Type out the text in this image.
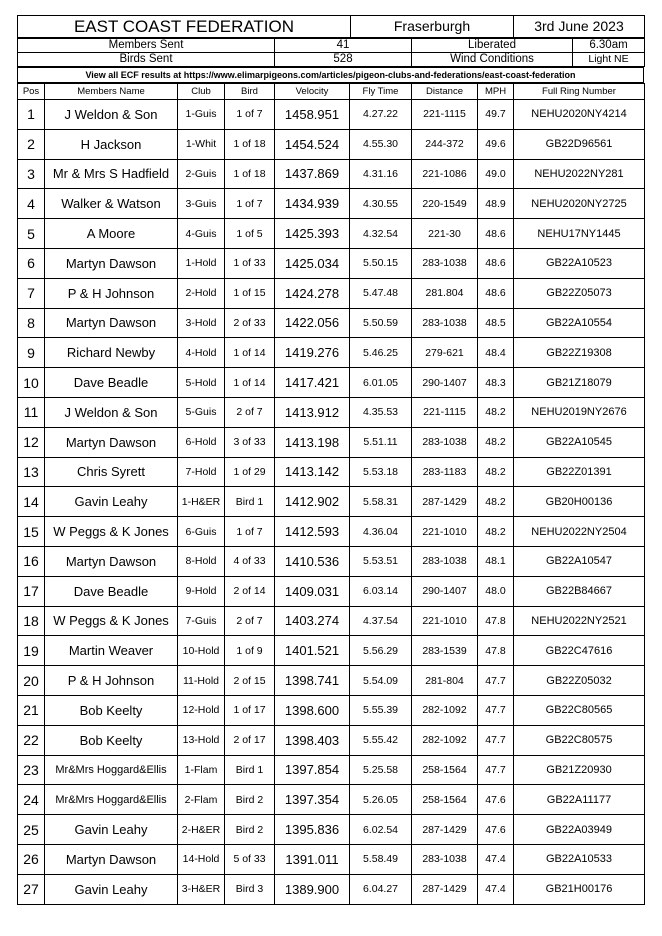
EAST COAST FEDERATION	Fraserburgh	3rd June 2023
Members Sent	41	Liberated	6.30am
Birds Sent	528	Wind Conditions	Light NE
View all ECF results at https://www.elimarpigeons.com/articles/pigeon-clubs-and-federations/east-coast-federation
Pos	Members Name	Club	Bird	Velocity	Fly Time	Distance	MPH	Full Ring Number
1	J Weldon & Son	1-Guis	1 of 7	1458.951	4.27.22	221-1115	49.7	NEHU2020NY4214
2	H Jackson	1-Whit	1 of 18	1454.524	4.55.30	244-372	49.6	GB22D96561
3	Mr & Mrs S Hadfield	2-Guis	1 of 18	1437.869	4.31.16	221-1086	49.0	NEHU2022NY281
4	Walker & Watson	3-Guis	1 of 7	1434.939	4.30.55	220-1549	48.9	NEHU2020NY2725
5	A Moore	4-Guis	1 of 5	1425.393	4.32.54	221-30	48.6	NEHU17NY1445
6	Martyn Dawson	1-Hold	1 of 33	1425.034	5.50.15	283-1038	48.6	GB22A10523
7	P & H Johnson	2-Hold	1 of 15	1424.278	5.47.48	281.804	48.6	GB22Z05073
8	Martyn Dawson	3-Hold	2 of 33	1422.056	5.50.59	283-1038	48.5	GB22A10554
9	Richard Newby	4-Hold	1 of 14	1419.276	5.46.25	279-621	48.4	GB22Z19308
10	Dave Beadle	5-Hold	1 of 14	1417.421	6.01.05	290-1407	48.3	GB21Z18079
11	J Weldon & Son	5-Guis	2 of 7	1413.912	4.35.53	221-1115	48.2	NEHU2019NY2676
12	Martyn Dawson	6-Hold	3 of 33	1413.198	5.51.11	283-1038	48.2	GB22A10545
13	Chris Syrett	7-Hold	1 of 29	1413.142	5.53.18	283-1183	48.2	GB22Z01391
14	Gavin Leahy	1-H&ER	Bird 1	1412.902	5.58.31	287-1429	48.2	GB20H00136
15	W Peggs & K Jones	6-Guis	1 of 7	1412.593	4.36.04	221-1010	48.2	NEHU2022NY2504
16	Martyn Dawson	8-Hold	4 of 33	1410.536	5.53.51	283-1038	48.1	GB22A10547
17	Dave Beadle	9-Hold	2 of 14	1409.031	6.03.14	290-1407	48.0	GB22B84667
18	W Peggs & K Jones	7-Guis	2 of 7	1403.274	4.37.54	221-1010	47.8	NEHU2022NY2521
19	Martin Weaver	10-Hold	1 of 9	1401.521	5.56.29	283-1539	47.8	GB22C47616
20	P & H Johnson	11-Hold	2 of 15	1398.741	5.54.09	281-804	47.7	GB22Z05032
21	Bob Keelty	12-Hold	1 of 17	1398.600	5.55.39	282-1092	47.7	GB22C80565
22	Bob Keelty	13-Hold	2 of 17	1398.403	5.55.42	282-1092	47.7	GB22C80575
23	Mr&Mrs Hoggard&Ellis	1-Flam	Bird 1	1397.854	5.25.58	258-1564	47.7	GB21Z20930
24	Mr&Mrs Hoggard&Ellis	2-Flam	Bird 2	1397.354	5.26.05	258-1564	47.6	GB22A11177
25	Gavin Leahy	2-H&ER	Bird 2	1395.836	6.02.54	287-1429	47.6	GB22A03949
26	Martyn Dawson	14-Hold	5 of 33	1391.011	5.58.49	283-1038	47.4	GB22A10533
27	Gavin Leahy	3-H&ER	Bird 3	1389.900	6.04.27	287-1429	47.4	GB21H00176
